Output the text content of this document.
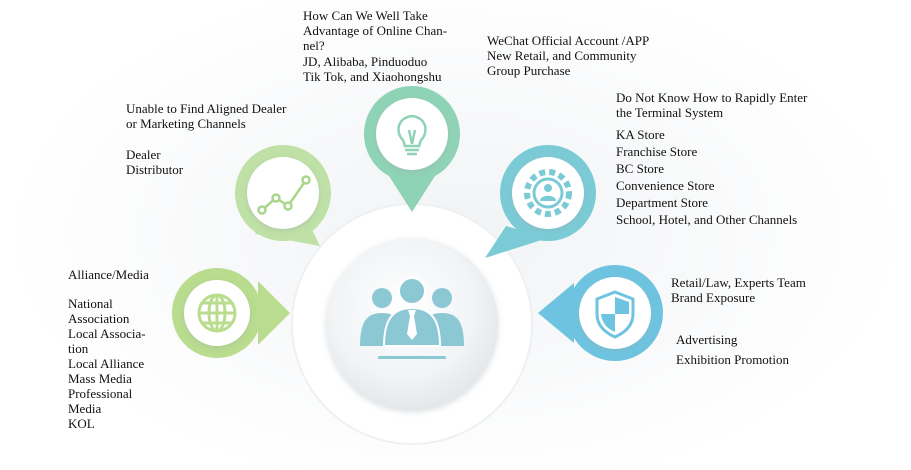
Alliance/Media
National
Association
Local Associa-
tion
Local Alliance
Mass Media
Professional
Media
KOL
Unable to Find Aligned Dealer
or Marketing Channels
Dealer
Distributor
How Can We Well Take
Advantage of Online Chan-
nel?
JD, Alibaba, Pinduoduo
Tik Tok, and Xiaohongshu
WeChat Official Account /APP
New Retail, and Community
Group Purchase
Do Not Know How to Rapidly Enter
the Terminal System
KA Store
Franchise Store
BC Store
Convenience Store
Department Store
School, Hotel, and Other Channels
Retail/Law, Experts Team
Brand Exposure
Advertising
Exhibition Promotion
